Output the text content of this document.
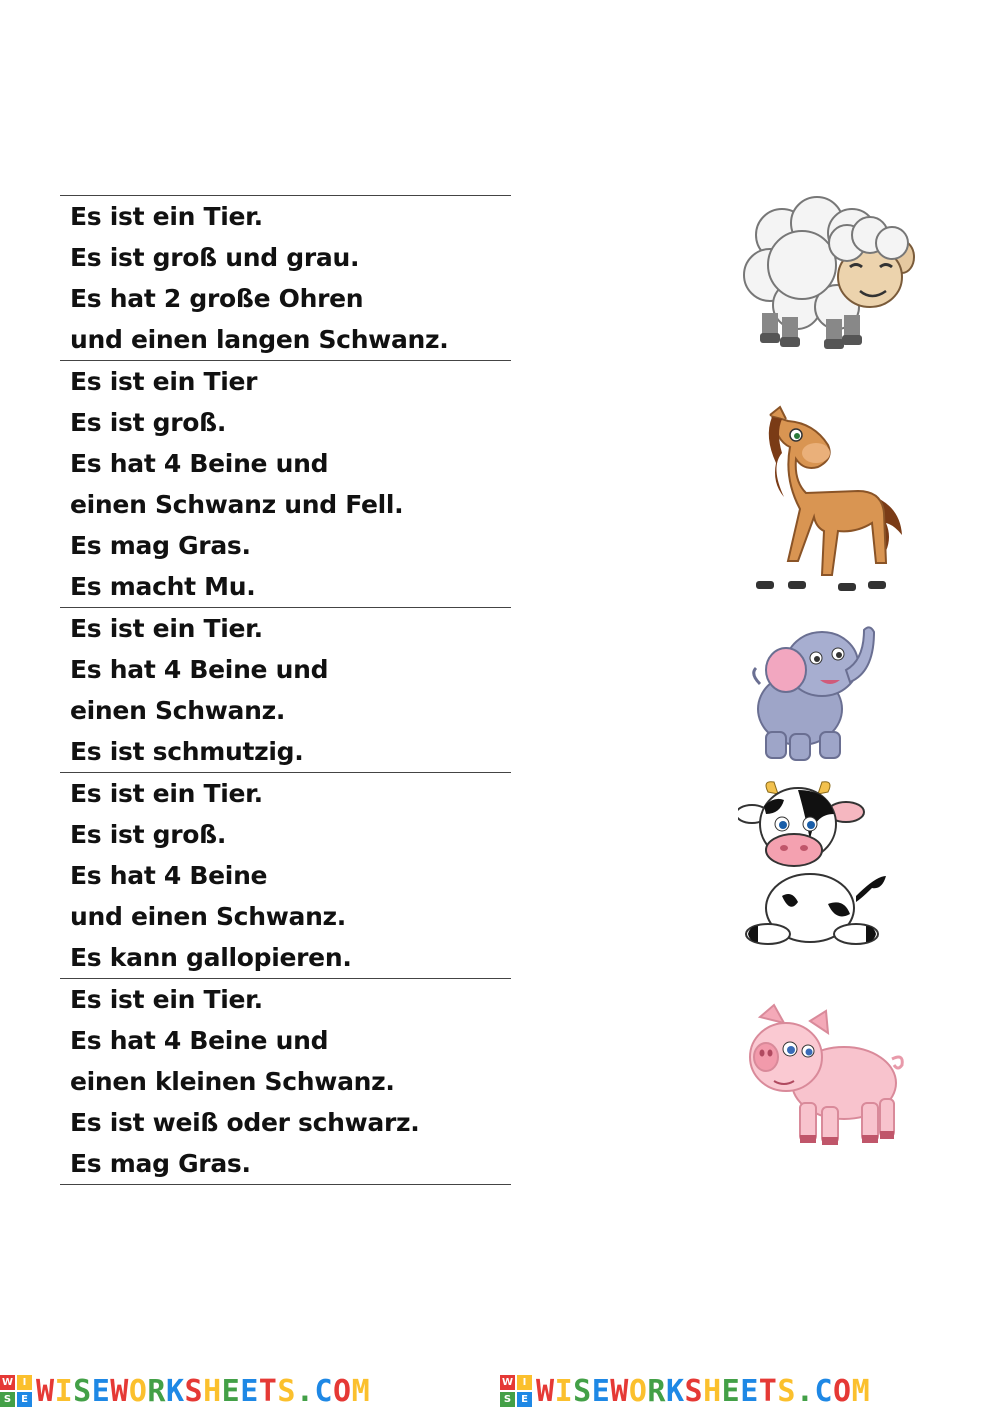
Es ist ein Tier.
Es ist groß und grau.
Es hat 2 große Ohren
und einen langen Schwanz.
Es ist ein Tier
Es ist groß.
Es hat 4 Beine und
einen Schwanz und Fell.
Es mag Gras.
Es macht Mu.
Es ist ein Tier.
Es hat 4 Beine und
einen Schwanz.
Es ist schmutzig.
Es ist ein Tier.
Es ist groß.
Es hat 4 Beine
und einen Schwanz.
Es kann gallopieren.
Es ist ein Tier.
Es hat 4 Beine und
einen kleinen Schwanz.
Es ist weiß oder schwarz.
Es mag Gras.
W I
S E WISEWORKSHEETS.COM	W I
S E WISEWORKSHEETS.COM
